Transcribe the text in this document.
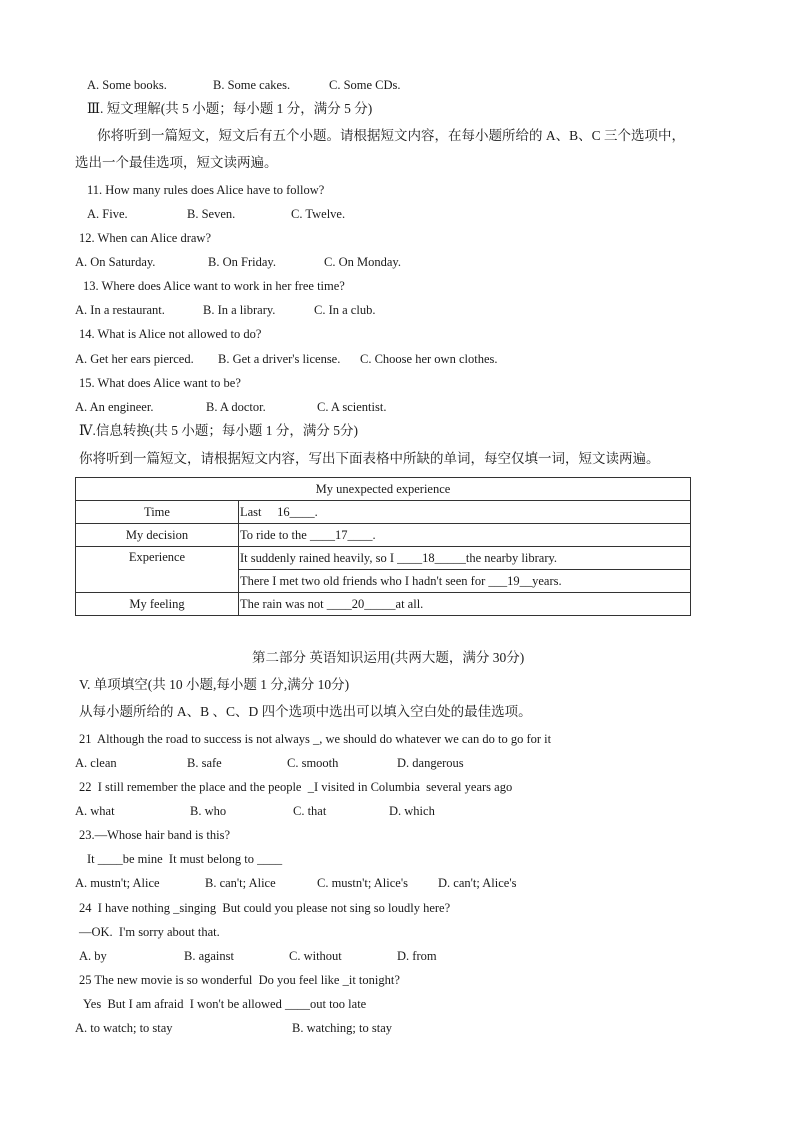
A. Some books.	B. Some cakes.	C. Some CDs.
Ⅲ. 短文理解(共 5 小题；每小题 1 分，满分 5 分)
你将听到一篇短文，短文后有五个小题。请根据短文内容，在每小题所给的 A、B、C 三个选项中，
选出一个最佳选项，短文读两遍。
11. How many rules does Alice have to follow?
A. Five.	B. Seven.	C. Twelve.
12. When can Alice draw?
A. On Saturday.	B. On Friday.	C. On Monday.
13. Where does Alice want to work in her free time?
A. In a restaurant.	B. In a library.	C. In a club.
14. What is Alice not allowed to do?
A. Get her ears pierced. B. Get a driver's license. C. Choose her own clothes.
15. What does Alice want to be?
A. An engineer.	B. A doctor.	C. A scientist.
Ⅳ.信息转换(共 5 小题；每小题 1 分，满分 5分)
你将听到一篇短文，请根据短文内容，写出下面表格中所缺的单词，每空仅填一词，短文读两遍。
My unexpected experience	
Time	Last     16____.
My decision	To ride to the ____17____.
Experience	It suddenly rained heavily, so I ____18_____the nearby library.
	There I met two old friends who I hadn't seen for ___19__years.
My feeling	The rain was not ____20_____at all.
第二部分 英语知识运用(共两大题，满分 30分)
V. 单项填空(共 10 小题,每小题 1 分,满分 10分)
从每小题所给的 A、B 、C、D 四个选项中选出可以填入空白处的最佳选项。
21  Although the road to success is not always _, we should do whatever we can do to go for it
A. clean	B. safe	C. smooth	D. dangerous
22  I still remember the place and the people  _I visited in Columbia  several years ago
A. what	B. who	C. that	D. which
23.—Whose hair band is this?
It ____be mine  It must belong to ____
A. mustn't; Alice	B. can't; Alice	C. mustn't; Alice's D. can't; Alice's
24  I have nothing _singing  But could you please not sing so loudly here?
—OK.  I'm sorry about that.
A. by	B. against	C. without	D. from
25 The new movie is so wonderful  Do you feel like _it tonight?
Yes  But I am afraid  I won't be allowed ____out too late
A. to watch; to stay	B. watching; to stay
